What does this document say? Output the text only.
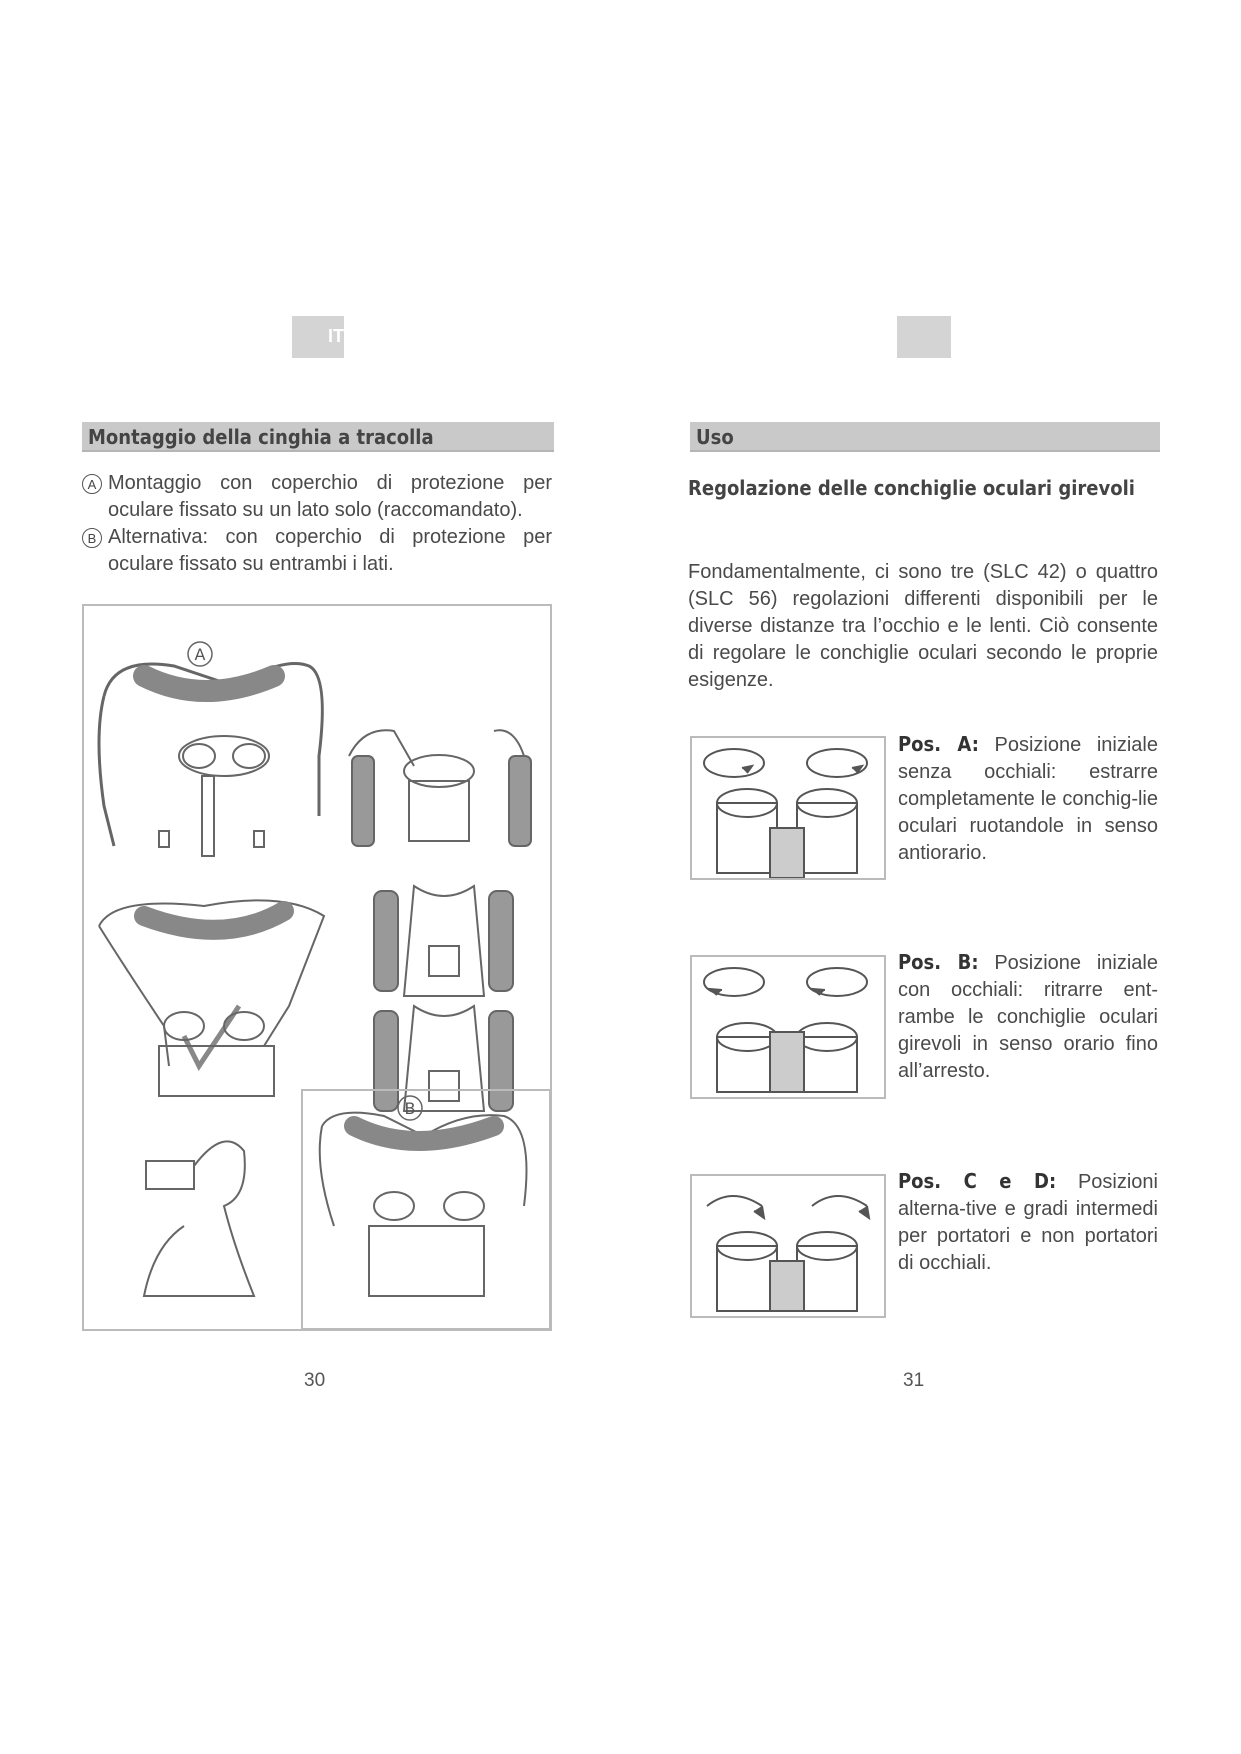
IT
Montaggio della cinghia a tracolla
A Montaggio con coperchio di protezione per oculare fissato su un lato solo (raccomandato).
B Alternativa: con coperchio di protezione per oculare fissato su entrambi i lati.
A
B
30
Uso
Regolazione delle conchiglie oculari girevoli
Fondamentalmente, ci sono tre (SLC 42) o quattro (SLC 56) regolazioni differenti disponibili per le diverse distanze tra l’occhio e le lenti. Ciò consente di regolare le conchiglie oculari secondo le proprie esigenze.
Pos. A: Posizione iniziale senza occhiali: estrarre completamente le conchig-lie oculari ruotandole in senso antiorario.
Pos. B: Posizione iniziale con occhiali: ritrarre ent-rambe le conchiglie oculari girevoli in senso orario fino all’arresto.
Pos. C e D: Posizioni alterna-tive e gradi intermedi per portatori e non portatori di occhiali.
31
